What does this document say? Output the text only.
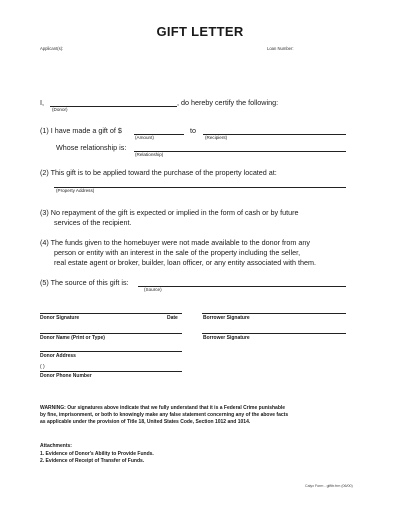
GIFT LETTER
Applicant(s):	Loan Number:
I,	, do hereby certify the following:
(Donor)
(1) I have made a gift of $	to
(Amount)	(Recipient)
Whose relationship is:
(Relationship)
(2) This gift is to be applied toward the purchase of the property located at:
(Property Address)
(3) No repayment of the gift is expected or implied in the form of cash or by future
services of the recipient.
(4) The funds given to the homebuyer were not made available to the donor from any
person or entity with an interest in the sale of the property including the seller,
real estate agent or broker, builder, loan officer, or any entity associated with them.
(5) The source of this gift is:
(Source)
Donor Signature	Date	Borrower Signature
Donor Name (Print or Type)	Borrower Signature
Donor Address
( )
Donor Phone Number
WARNING: Our signatures above indicate that we fully understand that it is a Federal Crime punishable
by fine, imprisonment, or both to knowingly make any false statement concerning any of the above facts
as applicable under the provision of Title 18, United States Code, Section 1012 and 1014.
Attachments:
1. Evidence of Donor's Ability to Provide Funds.
2. Evidence of Receipt of Transfer of Funds.
Calyx Form - giftltr.frm (06/00)
